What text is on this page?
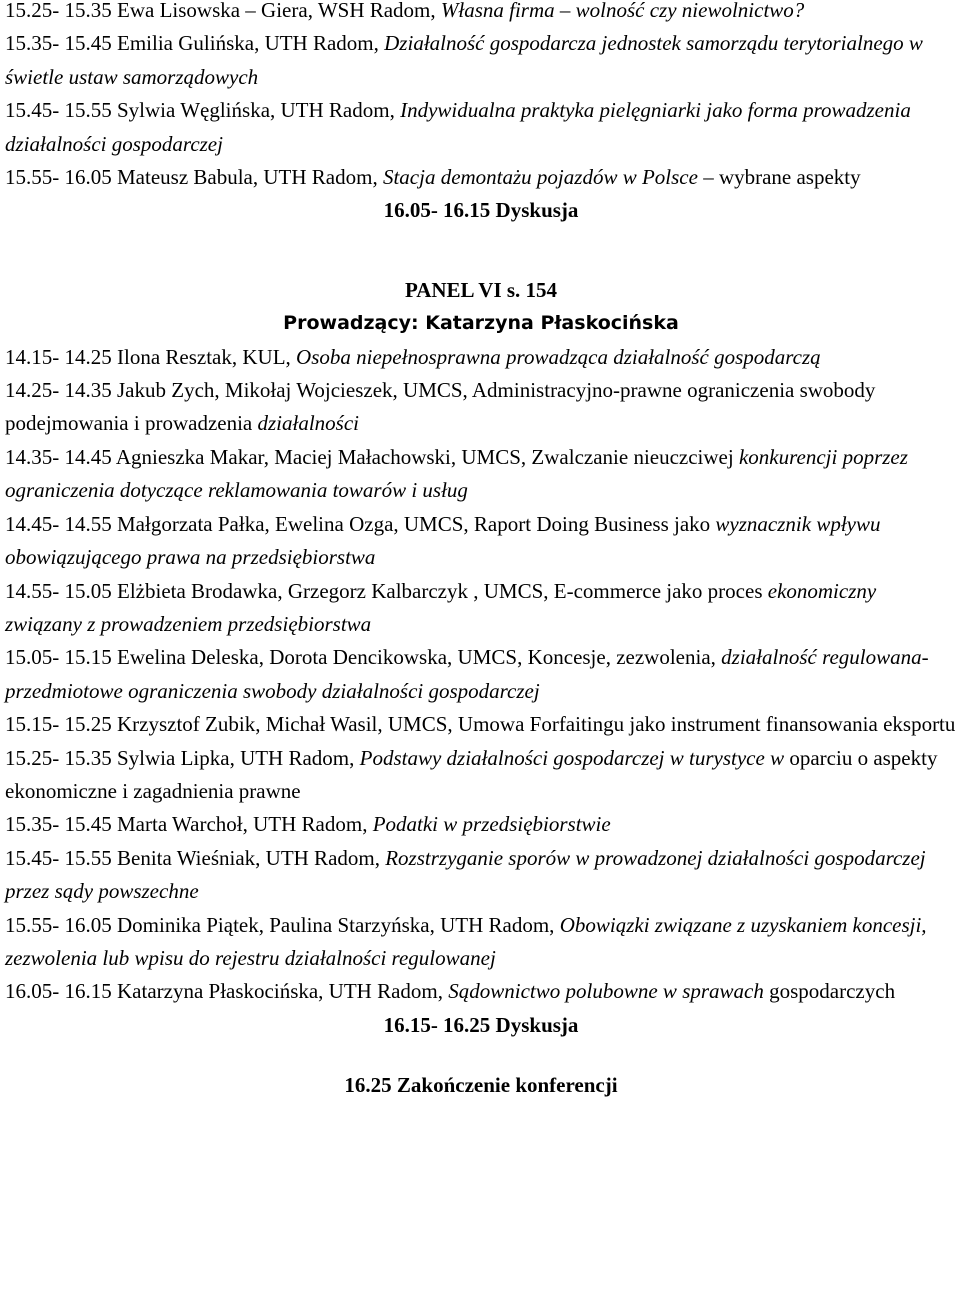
15.25- 15.35 Ewa Lisowska – Giera, WSH Radom, Własna firma – wolność czy niewolnictwo?

15.35- 15.45 Emilia Gulińska, UTH Radom, Działalność gospodarcza jednostek samorządu terytorialnego w świetle ustaw samorządowych

15.45- 15.55 Sylwia Węglińska, UTH Radom, Indywidualna praktyka pielęgniarki jako forma prowadzenia działalności gospodarczej

15.55- 16.05 Mateusz Babula, UTH Radom, Stacja demontażu pojazdów w Polsce – wybrane aspekty

16.05- 16.15 Dyskusja

PANEL VI s. 154

Prowadzący: Katarzyna Płaskocińska

14.15- 14.25 Ilona Resztak, KUL, Osoba niepełnosprawna prowadząca działalność gospodarczą

14.25- 14.35 Jakub Zych, Mikołaj Wojcieszek, UMCS, Administracyjno-prawne ograniczenia swobody podejmowania i prowadzenia działalności

14.35- 14.45 Agnieszka Makar, Maciej Małachowski, UMCS, Zwalczanie nieuczciwej konkurencji poprzez ograniczenia dotyczące reklamowania towarów i usług

14.45- 14.55 Małgorzata Pałka, Ewelina Ozga, UMCS, Raport Doing Business jako wyznacznik wpływu obowiązującego prawa na przedsiębiorstwa

14.55- 15.05 Elżbieta Brodawka, Grzegorz Kalbarczyk , UMCS, E-commerce jako proces ekonomiczny związany z prowadzeniem przedsiębiorstwa

15.05- 15.15 Ewelina Deleska, Dorota Dencikowska, UMCS, Koncesje, zezwolenia, działalność regulowana- przedmiotowe ograniczenia swobody działalności gospodarczej

15.15- 15.25 Krzysztof Zubik, Michał Wasil, UMCS, Umowa Forfaitingu jako instrument finansowania eksportu

15.25- 15.35 Sylwia Lipka, UTH Radom, Podstawy działalności gospodarczej w turystyce w oparciu o aspekty ekonomiczne i zagadnienia prawne

15.35- 15.45 Marta Warchoł, UTH Radom, Podatki w przedsiębiorstwie

15.45- 15.55 Benita Wieśniak, UTH Radom, Rozstrzyganie sporów w prowadzonej działalności gospodarczej przez sądy powszechne

15.55- 16.05 Dominika Piątek, Paulina Starzyńska, UTH Radom, Obowiązki związane z uzyskaniem koncesji, zezwolenia lub wpisu do rejestru działalności regulowanej

16.05- 16.15 Katarzyna Płaskocińska, UTH Radom, Sądownictwo polubowne w sprawach gospodarczych

16.15- 16.25 Dyskusja

16.25 Zakończenie konferencji
